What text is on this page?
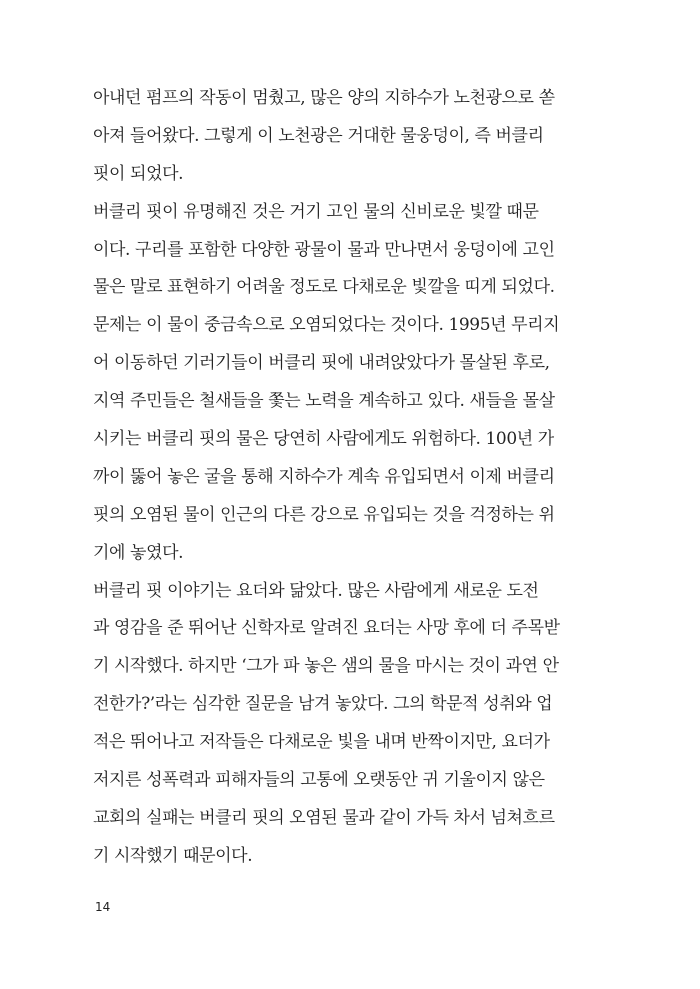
아내던 펌프의 작동이 멈췄고, 많은 양의 지하수가 노천광으로 쏟
아져 들어왔다. 그렇게 이 노천광은 거대한 물웅덩이, 즉 버클리
핏이 되었다.
버클리 핏이 유명해진 것은 거기 고인 물의 신비로운 빛깔 때문
이다. 구리를 포함한 다양한 광물이 물과 만나면서 웅덩이에 고인
물은 말로 표현하기 어려울 정도로 다채로운 빛깔을 띠게 되었다.
문제는 이 물이 중금속으로 오염되었다는 것이다. 1995년 무리지
어 이동하던 기러기들이 버클리 핏에 내려앉았다가 몰살된 후로,
지역 주민들은 철새들을 쫓는 노력을 계속하고 있다. 새들을 몰살
시키는 버클리 핏의 물은 당연히 사람에게도 위험하다. 100년 가
까이 뚫어 놓은 굴을 통해 지하수가 계속 유입되면서 이제 버클리
핏의 오염된 물이 인근의 다른 강으로 유입되는 것을 걱정하는 위
기에 놓였다.
버클리 핏 이야기는 요더와 닮았다. 많은 사람에게 새로운 도전
과 영감을 준 뛰어난 신학자로 알려진 요더는 사망 후에 더 주목받
기 시작했다. 하지만 ‘그가 파 놓은 샘의 물을 마시는 것이 과연 안
전한가?’라는 심각한 질문을 남겨 놓았다. 그의 학문적 성취와 업
적은 뛰어나고 저작들은 다채로운 빛을 내며 반짝이지만, 요더가
저지른 성폭력과 피해자들의 고통에 오랫동안 귀 기울이지 않은
교회의 실패는 버클리 핏의 오염된 물과 같이 가득 차서 넘쳐흐르
기 시작했기 때문이다.
14
